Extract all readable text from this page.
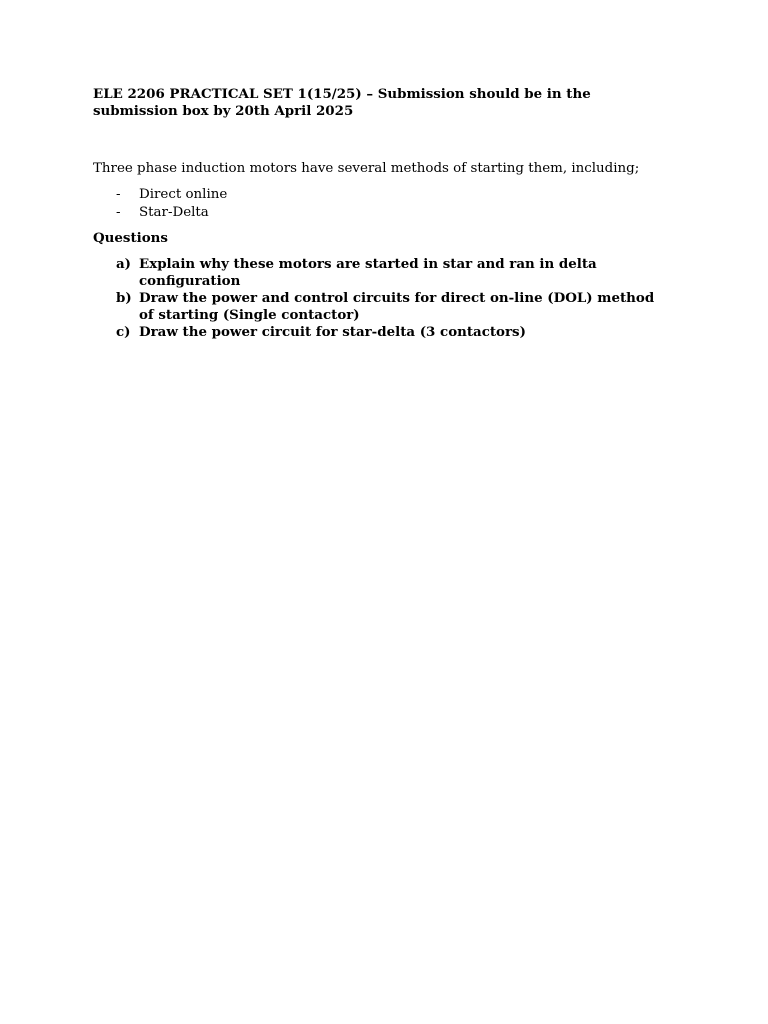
ELE 2206 PRACTICAL SET 1(15/25) – Submission should be in the submission box by 20th April 2025

Three phase induction motors have several methods of starting them, including;

- Direct online
- Star-Delta

Questions

a) Explain why these motors are started in star and ran in delta configuration
b) Draw the power and control circuits for direct on-line (DOL) method of starting (Single contactor)
c) Draw the power circuit for star-delta (3 contactors)
